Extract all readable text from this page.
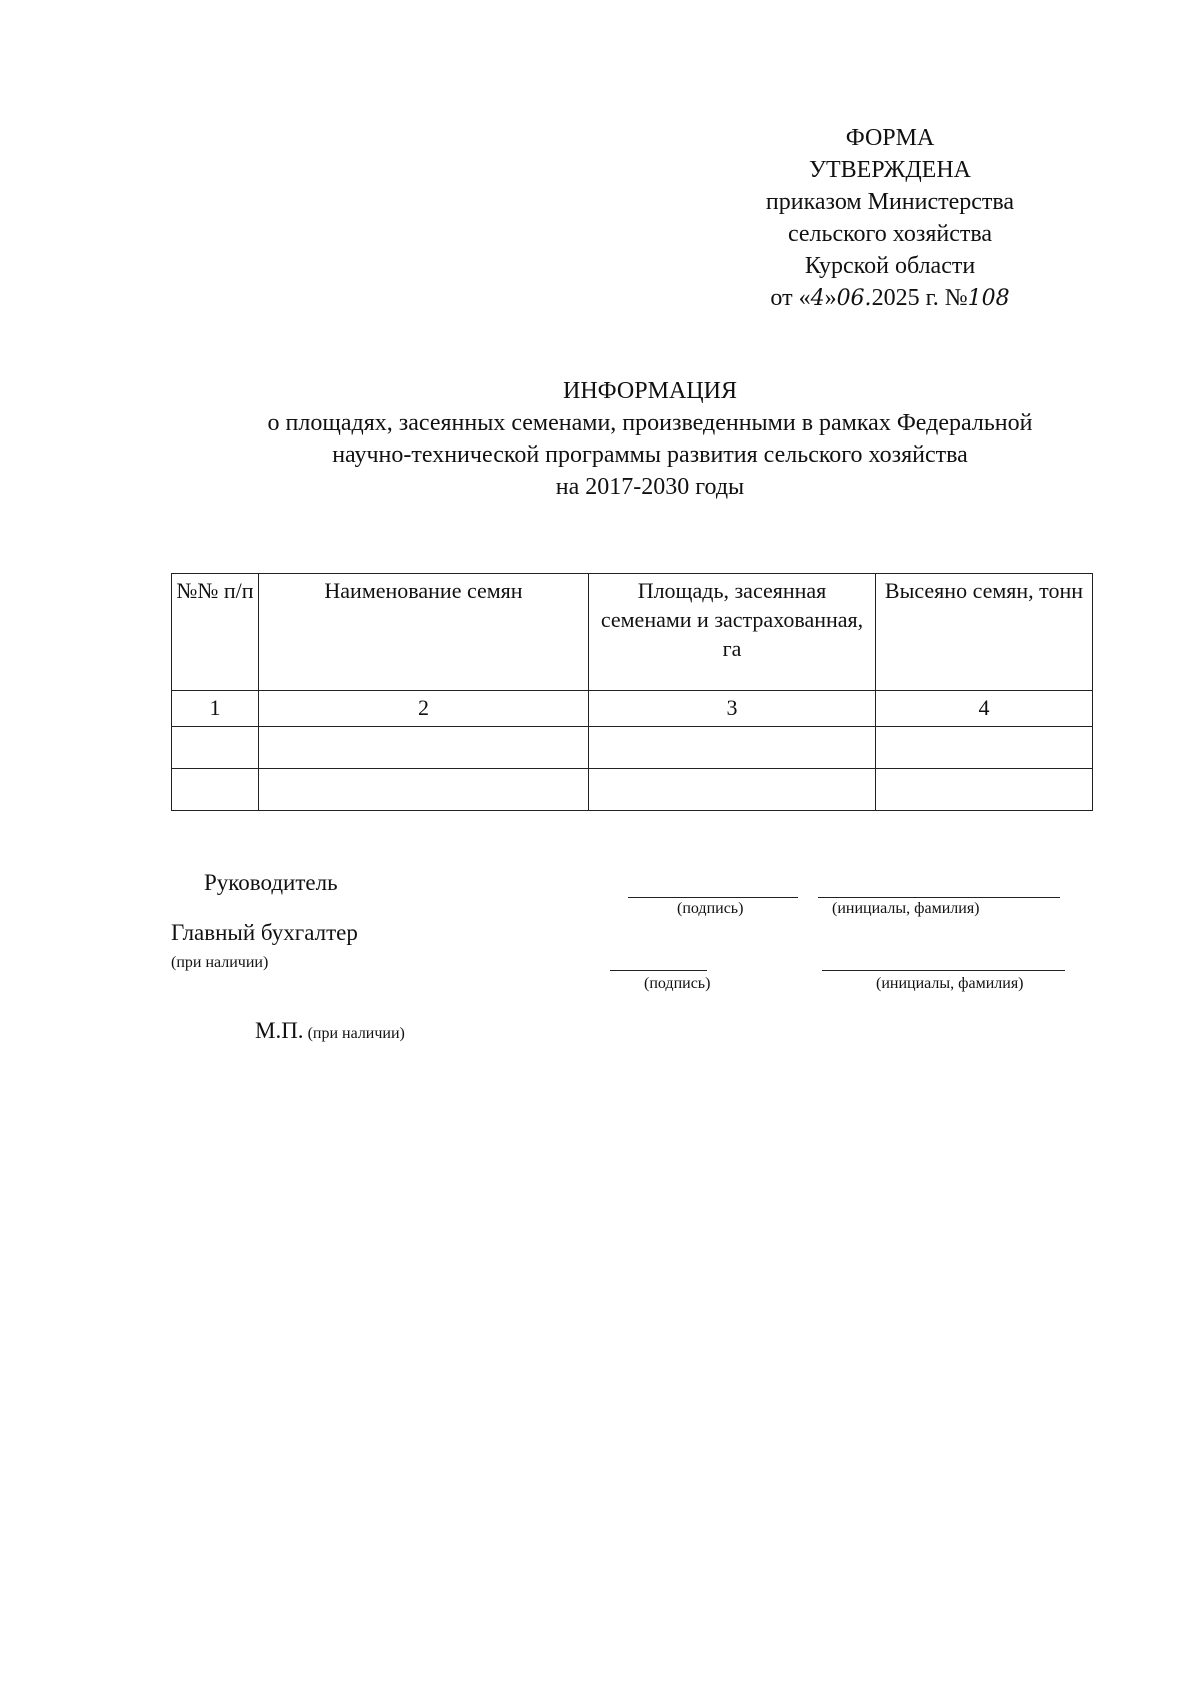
ФОРМА
УТВЕРЖДЕНА
приказом Министерства
сельского хозяйства
Курской области
от «4»06.2025 г. №108
ИНФОРМАЦИЯ
о площадях, засеянных семенами, произведенными в рамках Федеральной
научно-технической программы развития сельского хозяйства
на 2017-2030 годы
№№ п/п	Наименование семян	Площадь, засеянная семенами и застрахованная, га	Высеяно семян, тонн
1	2	3	4

Руководитель
(подпись)	(инициалы, фамилия)
Главный бухгалтер
(при наличии)
(подпись)	(инициалы, фамилия)
М.П. (при наличии)
